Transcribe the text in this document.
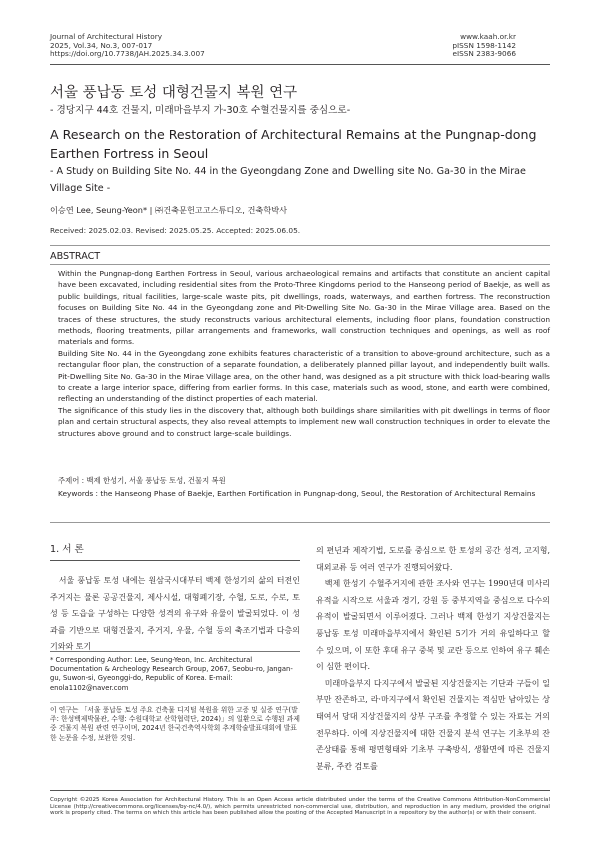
Journal of Architectural History
2025, Vol.34, No.3, 007-017
https://doi.org/10.7738/JAH.2025.34.3.007
www.kaah.or.kr
pISSN 1598-1142
eISSN 2383-9066
서울 풍납동 토성 대형건물지 복원 연구
- 경당지구 44호 건물지, 미래마을부지 가-30호 수혈건물지를 중심으로-
A Research on the Restoration of Architectural Remains at the Pungnap-dong Earthen Fortress in Seoul
- A Study on Building Site No. 44 in the Gyeongdang Zone and Dwelling site No. Ga-30 in the Mirae Village Site -
이승연 Lee, Seung-Yeon* | ㈜건축문헌고고스튜디오, 건축학박사
Received: 2025.02.03. Revised: 2025.05.25. Accepted: 2025.06.05.
ABSTRACT

Within the Pungnap-dong Earthen Fortress in Seoul, various archaeological remains and artifacts that constitute an ancient capital have been excavated, including residential sites from the Proto-Three Kingdoms period to the Hanseong period of Baekje, as well as public buildings, ritual facilities, large-scale waste pits, pit dwellings, roads, waterways, and earthen fortress. The reconstruction focuses on Building Site No. 44 in the Gyeongdang zone and Pit-Dwelling Site No. Ga-30 in the Mirae Village area. Based on the traces of these structures, the study reconstructs various architectural elements, including floor plans, foundation construction methods, flooring treatments, pillar arrangements and frameworks, wall construction techniques and openings, as well as roof materials and forms.

Building Site No. 44 in the Gyeongdang zone exhibits features characteristic of a transition to above-ground architecture, such as a rectangular floor plan, the construction of a separate foundation, a deliberately planned pillar layout, and independently built walls. Pit-Dwelling Site No. Ga-30 in the Mirae Village area, on the other hand, was designed as a pit structure with thick load-bearing walls to create a large interior space, differing from earlier forms. In this case, materials such as wood, stone, and earth were combined, reflecting an understanding of the distinct properties of each material.

The significance of this study lies in the discovery that, although both buildings share similarities with pit dwellings in terms of floor plan and certain structural aspects, they also reveal attempts to implement new wall construction techniques in order to elevate the structures above ground and to construct large-scale buildings.

주제어 : 백제 한성기, 서울 풍납동 토성, 건물지 복원
Keywords : the Hanseong Phase of Baekje, Earthen Fortification in Pungnap-dong, Seoul, the Restoration of Architectural Remains
1. 서 론

서울 풍납동 토성 내에는 원삼국시대부터 백제 한성기의 삶의 터전인 주거지는 물론 공공건물지, 제사시설, 대형폐기장, 수혈, 도로, 수로, 토성 등 도읍을 구성하는 다양한 성격의 유구와 유물이 발굴되었다. 이 성과를 기반으로 대형건물지, 주거지, 우물, 수혈 등의 축조기법과 다층의 기와와 토기

의 편년과 제작기법, 도로를 중심으로 한 토성의 공간 성격, 고지형, 대외교류 등 여러 연구가 진행되어왔다.

백제 한성기 수혈주거지에 관한 조사와 연구는 1990년대 미사리 유적을 시작으로 서울과 경기, 강원 등 중부지역을 중심으로 다수의 유적이 발굴되면서 이루어졌다. 그러나 백제 한성기 지상건물지는 풍납동 토성 미래마을부지에서 확인된 5기가 거의 유일하다고 할 수 있으며, 이 또한 후대 유구 중복 및 교란 등으로 인하여 유구 훼손이 심한 편이다.

미래마을부지 다지구에서 발굴된 지상건물지는 기단과 구들이 일부만 잔존하고, 라·마지구에서 확인된 건물지는 적심만 남아있는 상태여서 당대 지상건물지의 상부 구조를 추정할 수 있는 자료는 거의 전무하다. 이에 지상건물지에 대한 건물지 분석 연구는 기초부의 잔존상태를 통해 평면형태와 기초부 구축방식, 생활면에 따른 건물지 분류, 주칸 검토를

* Corresponding Author: Lee, Seung-Yeon, Inc. Architectural Documentation & Archeology Research Group, 2067, Seobu-ro, Jangan-gu, Suwon-si, Gyeonggi-do, Republic of Korea. E-mail: enola1102@naver.com
이 연구는 「서울 풍납동 토성 주요 건축물 디지털 복원을 위한 고증 및 실증 연구(발주: 한성백제박물관, 수행: 수원대학교 산학협력단, 2024)」의 일환으로 수행된 과제 중 건물지 복원 관련 연구이며, 2024년 한국건축역사학회 추계학술발표대회에 발표한 논문을 수정, 보완한 것임.
Copyright ©2025 Korea Association for Architectural History. This is an Open Access article distributed under the terms of the Creative Commons Attribution-NonCommercial License (http://creativecommons.org/licenses/by-nc/4.0/), which permits unrestricted non-commercial use, distribution, and reproduction in any medium, provided the original work is properly cited. The terms on which this article has been published allow the posting of the Accepted Manuscript in a repository by the author(s) or with their consent.
